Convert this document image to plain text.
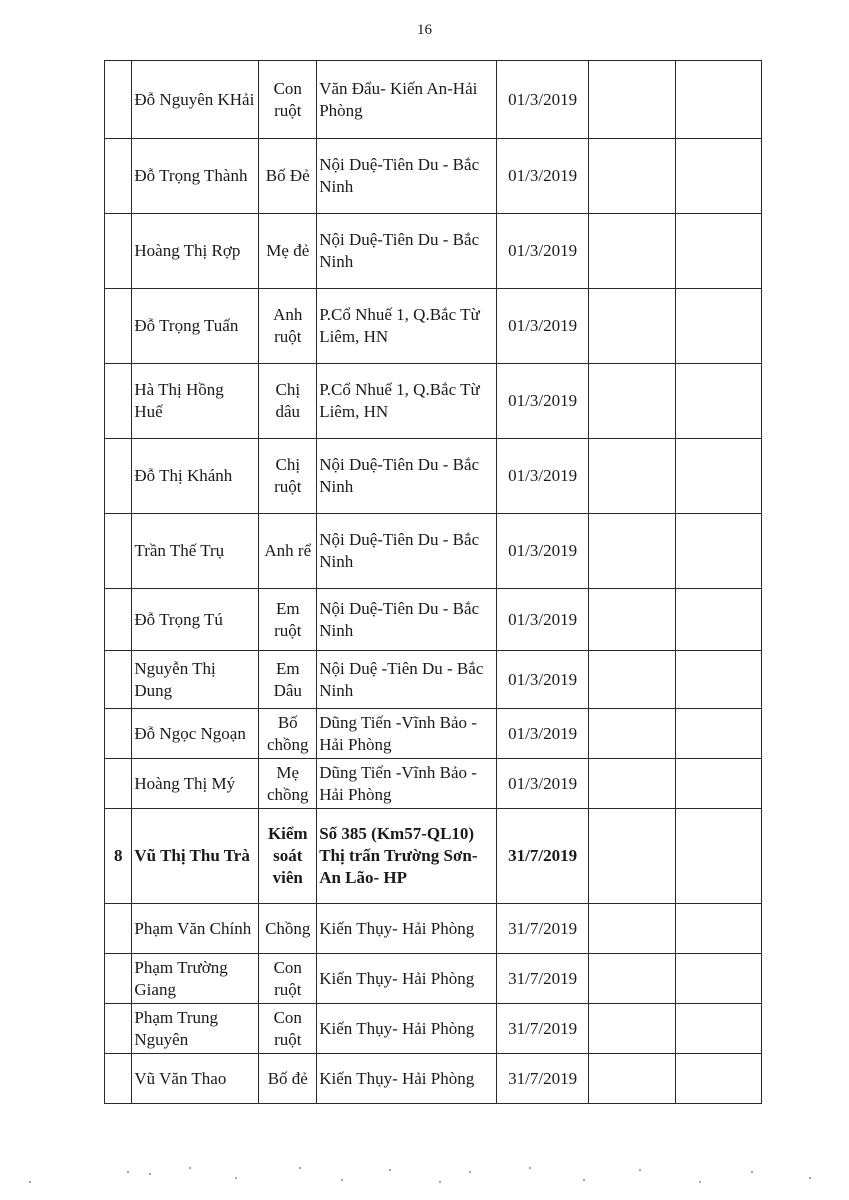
16
	Đỗ Nguyên KHải	Con ruột	Văn Đẩu- Kiến An-Hải Phòng	01/3/2019		
	Đỗ Trọng Thành	Bố Đẻ	Nội Duệ-Tiên Du - Bắc Ninh	01/3/2019		
	Hoàng Thị Rợp	Mẹ đẻ	Nội Duệ-Tiên Du - Bắc Ninh	01/3/2019		
	Đỗ Trọng Tuấn	Anh ruột	P.Cổ Nhuế 1, Q.Bắc Từ Liêm, HN	01/3/2019		
	Hà Thị Hồng Huế	Chị dâu	P.Cổ Nhuế 1, Q.Bắc Từ Liêm, HN	01/3/2019		
	Đỗ Thị Khánh	Chị ruột	Nội Duệ-Tiên Du - Bắc Ninh	01/3/2019		
	Trần Thế Trụ	Anh rể	Nội Duệ-Tiên Du - Bắc Ninh	01/3/2019		
	Đỗ Trọng Tú	Em ruột	Nội Duệ-Tiên Du - Bắc Ninh	01/3/2019		
	Nguyễn Thị Dung	Em Dâu	Nội Duệ -Tiên Du - Bắc Ninh	01/3/2019		
	Đỗ Ngọc Ngoạn	Bố chồng	Dũng Tiến -Vĩnh Bảo -Hải Phòng	01/3/2019		
	Hoàng Thị Mý	Mẹ chồng	Dũng Tiến -Vĩnh Bảo -Hải Phòng	01/3/2019		
8	Vũ Thị Thu Trà	Kiểm soát viên	Số 385 (Km57-QL10) Thị trấn Trường Sơn- An Lão- HP	31/7/2019		
	Phạm Văn Chính	Chồng	Kiến Thụy- Hải Phòng	31/7/2019		
	Phạm Trường Giang	Con ruột	Kiến Thụy- Hải Phòng	31/7/2019		
	Phạm Trung Nguyên	Con ruột	Kiến Thụy- Hải Phòng	31/7/2019		
	Vũ Văn Thao	Bố đẻ	Kiến Thụy- Hải Phòng	31/7/2019		
